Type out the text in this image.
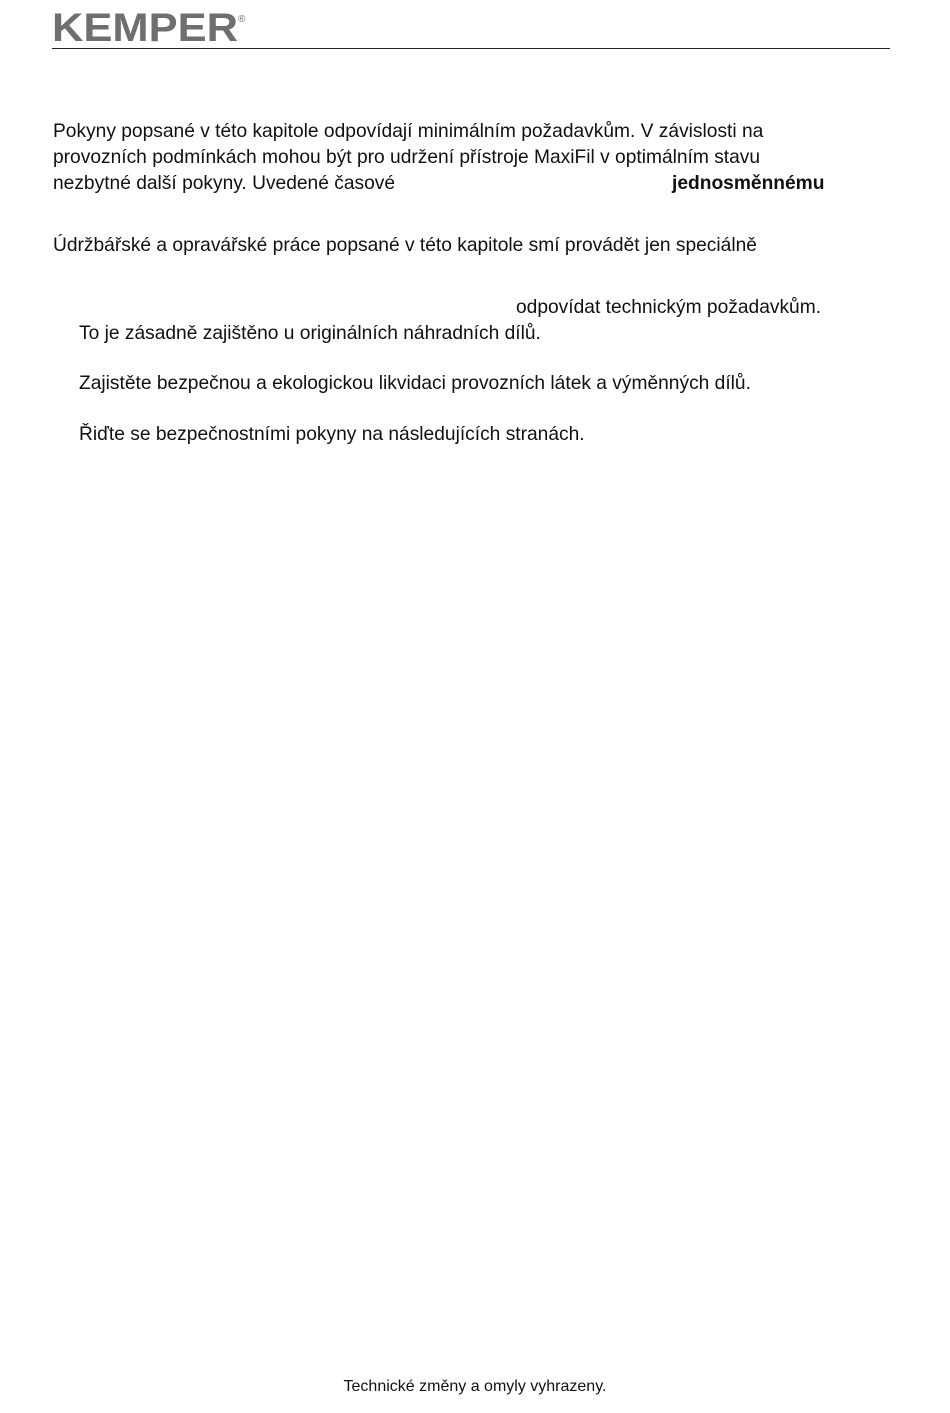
KEMPER ®
Pokyny popsané v této kapitole odpovídají minimálním požadavkům. V závislosti na
provozních podmínkách mohou být pro udržení přístroje MaxiFil v optimálním stavu
nezbytné další pokyny. Uvedené časové	jednosměnnému
Údržbářské a opravářské práce popsané v této kapitole smí provádět jen speciálně
odpovídat technickým požadavkům.
To je zásadně zajištěno u originálních náhradních dílů.
Zajistěte bezpečnou a ekologickou likvidaci provozních látek a výměnných dílů.
Řiďte se bezpečnostními pokyny na následujících stranách.
Technické změny a omyly vyhrazeny.
